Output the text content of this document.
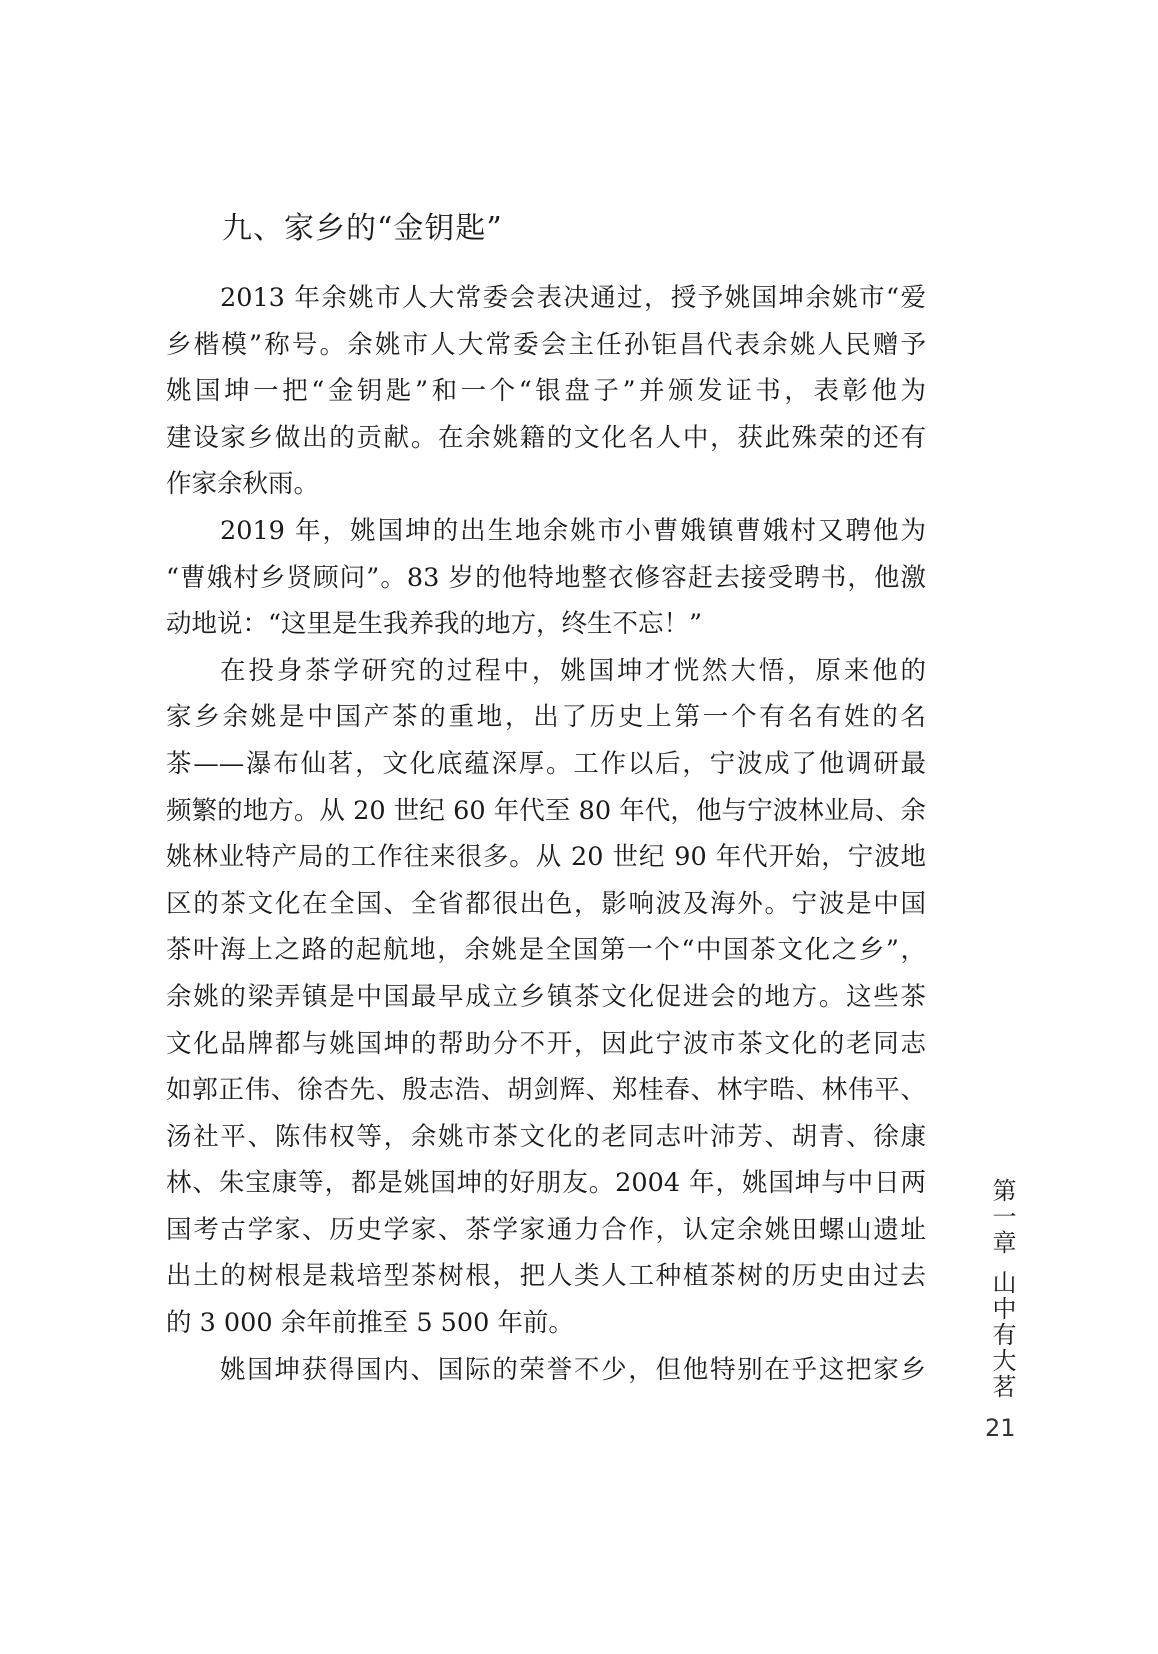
九、家乡的“金钥匙”
2013 年余姚市人大常委会表决通过，授予姚国坤余姚市“爱
乡楷模”称号。余姚市人大常委会主任孙钜昌代表余姚人民赠予
姚国坤一把“金钥匙”和一个“银盘子”并颁发证书，表彰他为
建设家乡做出的贡献。在余姚籍的文化名人中，获此殊荣的还有
作家余秋雨。
2019 年，姚国坤的出生地余姚市小曹娥镇曹娥村又聘他为
“曹娥村乡贤顾问”。83 岁的他特地整衣修容赶去接受聘书，他激
动地说：“这里是生我养我的地方，终生不忘！”
在投身茶学研究的过程中，姚国坤才恍然大悟，原来他的
家乡余姚是中国产茶的重地，出了历史上第一个有名有姓的名
茶——瀑布仙茗，文化底蕴深厚。工作以后，宁波成了他调研最
频繁的地方。从 20 世纪 60 年代至 80 年代，他与宁波林业局、余
姚林业特产局的工作往来很多。从 20 世纪 90 年代开始，宁波地
区的茶文化在全国、全省都很出色，影响波及海外。宁波是中国
茶叶海上之路的起航地，余姚是全国第一个“中国茶文化之乡”，
余姚的梁弄镇是中国最早成立乡镇茶文化促进会的地方。这些茶
文化品牌都与姚国坤的帮助分不开，因此宁波市茶文化的老同志
如郭正伟、徐杏先、殷志浩、胡剑辉、郑桂春、林宇晧、林伟平、
汤社平、陈伟权等，余姚市茶文化的老同志叶沛芳、胡青、徐康
林、朱宝康等，都是姚国坤的好朋友。2004 年，姚国坤与中日两
国考古学家、历史学家、茶学家通力合作，认定余姚田螺山遗址
出土的树根是栽培型茶树根，把人类人工种植茶树的历史由过去
的 3 000 余年前推至 5 500 年前。
姚国坤获得国内、国际的荣誉不少，但他特别在乎这把家乡
第一章
山中有大茗
21
